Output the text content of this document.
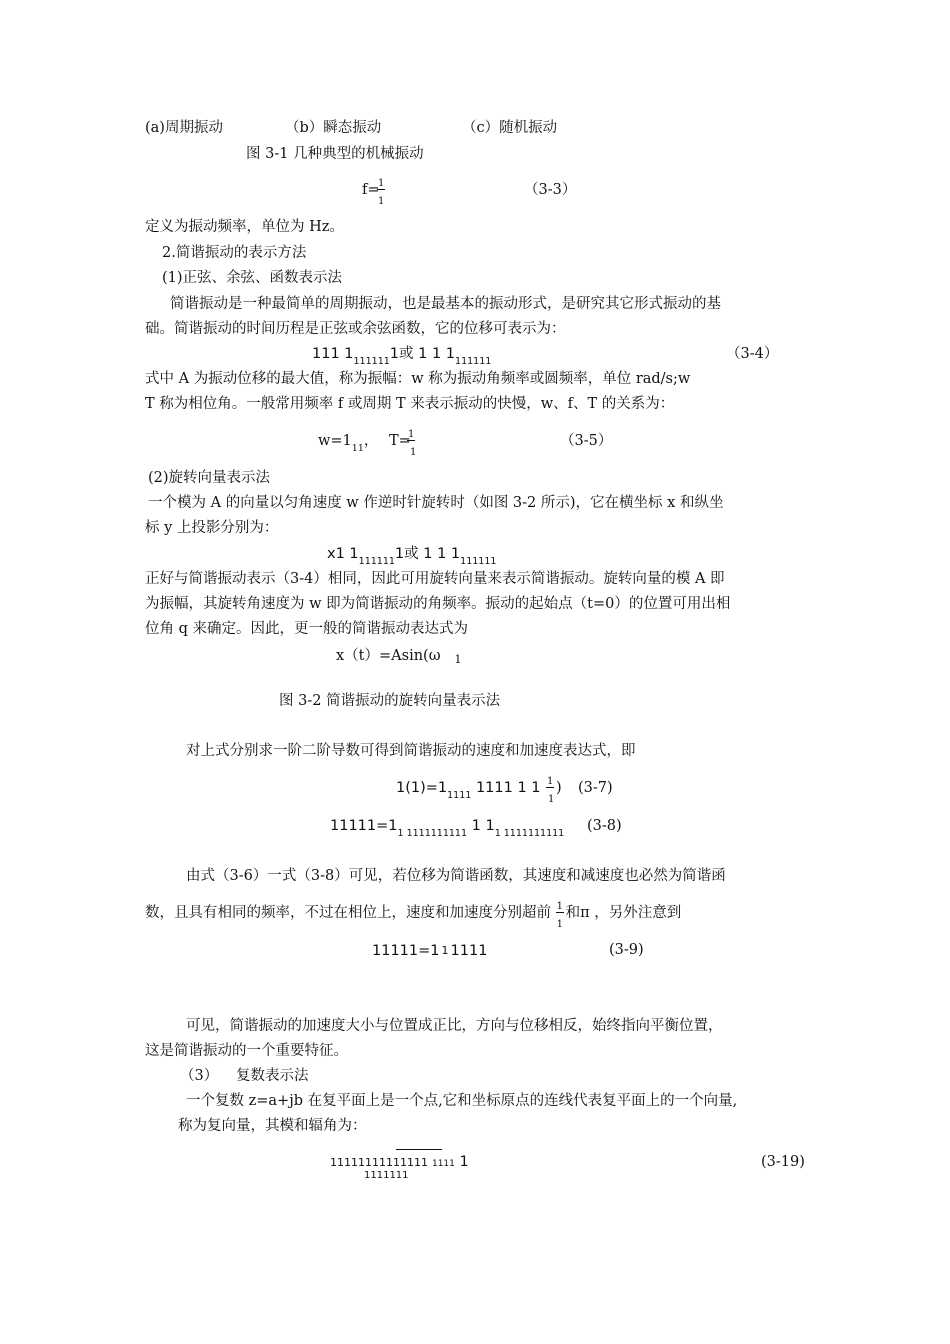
(a)周期振动	（b）瞬态振动	（c）随机振动
图 3-1 几种典型的机械振动
f=
1
1
（3-3）
定义为振动频率，单位为 Hz。
2.简谐振动的表示方法
(1)正弦、余弦、函数表示法
简谐振动是一种最简单的周期振动，也是最基本的振动形式，是研究其它形式振动的基
础。简谐振动的时间历程是正弦或余弦函数，它的位移可表示为：
111 $1_{111111}1$或 1 1 $1_{111111}$	（3-4）
式中 A 为振动位移的最大值，称为振幅：w 称为振动角频率或圆频率，单位 rad/s;w
T 称为相位角。一般常用频率 f 或周期 T 来表示振动的快慢，w、f、T 的关系为：
$w=1_{11}$， T=
1
1
（3-5）
(2)旋转向量表示法
一个模为 A 的向量以匀角速度 w 作逆时针旋转时（如图 3-2 所示)，它在横坐标 x 和纵坐
标 y 上投影分别为：
x1 $1_{111111}1$或 1 1 $1_{111111}$
正好与简谐振动表示（3-4）相同，因此可用旋转向量来表示简谐振动。旋转向量的模 A 即
为振幅，其旋转角速度为 w 即为简谐振动的角频率。振动的起始点（t=0）的位置可用出相
位角 q 来确定。因此，更一般的简谐振动表达式为
x（t）=Asin(ω $_1$
图 3-2 简谐振动的旋转向量表示法
对上式分别求一阶二阶导数可得到简谐振动的速度和加速度表达式，即
$1(1)=1_{1111}$ 1111 1 1 1
1
) (3-7)
$11111=1_{1 1111111111}$ 1 $1_{1 1111111111}$ (3-8)
由式（3-6）一式（3-8）可见，若位移为简谐函数，其速度和减速度也必然为简谐函
数，且具有相同的频率，不过在相位上，速度和加速度分别超前 $\frac{1}{1}$ 和π ，另外注意到
11111=1 1 1111	(3-9)
可见，简谐振动的加速度大小与位置成正比，方向与位移相反，始终指向平衡位置，
这是简谐振动的一个重要特征。
（3） 复数表示法
一个复数 z=a+jb 在复平面上是一个点,它和坐标原点的连线代表复平面上的一个向量,
称为复向量，其模和辐角为：
11111111111111 1111 1
1111111
(3-19)
